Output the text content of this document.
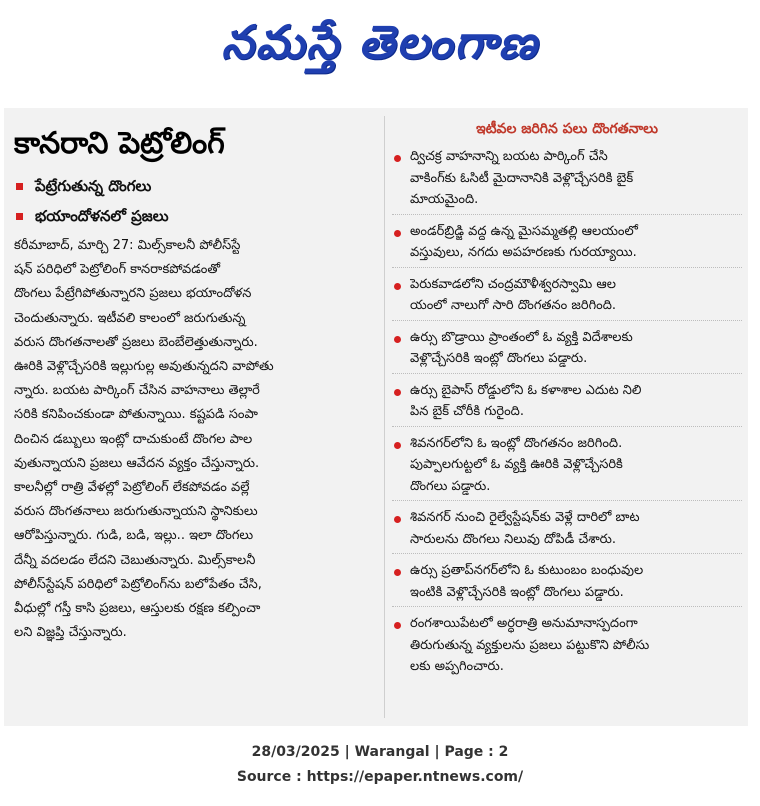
నమస్తే తెలంగాణ
కానరాని పెట్రోలింగ్
పేట్రేగుతున్న దొంగలు
భయాందోళనలో ప్రజలు
కరీమాబాద్, మార్చి 27: మిల్స్‌కాలనీ పోలీస్‌స్టే
షన్ పరిధిలో పెట్రోలింగ్ కానరాకపోవడంతో
దొంగలు పేట్రేగిపోతున్నారని ప్రజలు భయాందోళన
చెందుతున్నారు. ఇటీవలి కాలంలో జరుగుతున్న
వరుస దొంగతనాలతో ప్రజలు బెంబేలెత్తుతున్నారు.
ఊరికి వెళ్లొచ్చేసరికి ఇల్లుగుల్ల అవుతున్నదని వాపోతు
న్నారు. బయట పార్కింగ్ చేసిన వాహనాలు తెల్లారే
సరికి కనిపించకుండా పోతున్నాయి. కష్టపడి సంపా
దించిన డబ్బులు ఇంట్లో దాచుకుంటే దొంగల పాల
వుతున్నాయని ప్రజలు ఆవేదన వ్యక్తం చేస్తున్నారు.
కాలనీల్లో రాత్రి వేళల్లో పెట్రోలింగ్ లేకపోవడం వల్లే
వరుస దొంగతనాలు జరుగుతున్నాయని స్థానికులు
ఆరోపిస్తున్నారు. గుడి, బడి, ఇల్లు.. ఇలా దొంగలు
దేన్నీ వదలడం లేదని చెబుతున్నారు. మిల్స్‌కాలనీ
పోలీస్‌స్టేషన్ పరిధిలో పెట్రోలింగ్‌ను బలోపేతం చేసి,
వీధుల్లో గస్తీ కాసి ప్రజలు, ఆస్తులకు రక్షణ కల్పించా
లని విజ్ఞప్తి చేస్తున్నారు.
ఇటీవల జరిగిన పలు దొంగతనాలు
ద్విచక్ర వాహనాన్ని బయట పార్కింగ్ చేసి
వాకింగ్‌కు ఓసిటీ మైదానానికి వెళ్లొచ్చేసరికి బైక్
మాయమైంది.
అండర్‌బ్రిడ్జి వద్ద ఉన్న మైసమ్మతల్లి ఆలయంలో
వస్తువులు, నగదు అపహరణకు గురయ్యాయి.
పెరుకవాడలోని చంద్రమౌళీశ్వరస్వామి ఆల
యంలో నాలుగో సారి దొంగతనం జరిగింది.
ఉర్సు బొడ్రాయి ప్రాంతంలో ఓ వ్యక్తి విదేశాలకు
వెళ్లొచ్చేసరికి ఇంట్లో దొంగలు పడ్డారు.
ఉర్సు బైపాస్ రోడ్డులోని ఓ కళాశాల ఎదుట నిలి
పిన బైక్ చోరీకి గురైంది.
శివనగర్‌లోని ఓ ఇంట్లో దొంగతనం జరిగింది.
పుప్పాలగుట్టలో ఓ వ్యక్తి ఊరికి వెళ్లొచ్చేసరికి
దొంగలు పడ్డారు.
శివనగర్ నుంచి రైల్వేస్టేషన్‌కు వెళ్లే దారిలో బాట
సారులను దొంగలు నిలువు దోపిడీ చేశారు.
ఉర్సు ప్రతాప్‌నగర్‌లోని ఓ కుటుంబం బంధువుల
ఇంటికి వెళ్లొచ్చేసరికి ఇంట్లో దొంగలు పడ్డారు.
రంగశాయిపేటలో అర్ధరాత్రి అనుమానాస్పదంగా
తిరుగుతున్న వ్యక్తులను ప్రజలు పట్టుకొని పోలీసు
లకు అప్పగించారు.
28/03/2025 | Warangal | Page : 2
Source : https://epaper.ntnews.com/
